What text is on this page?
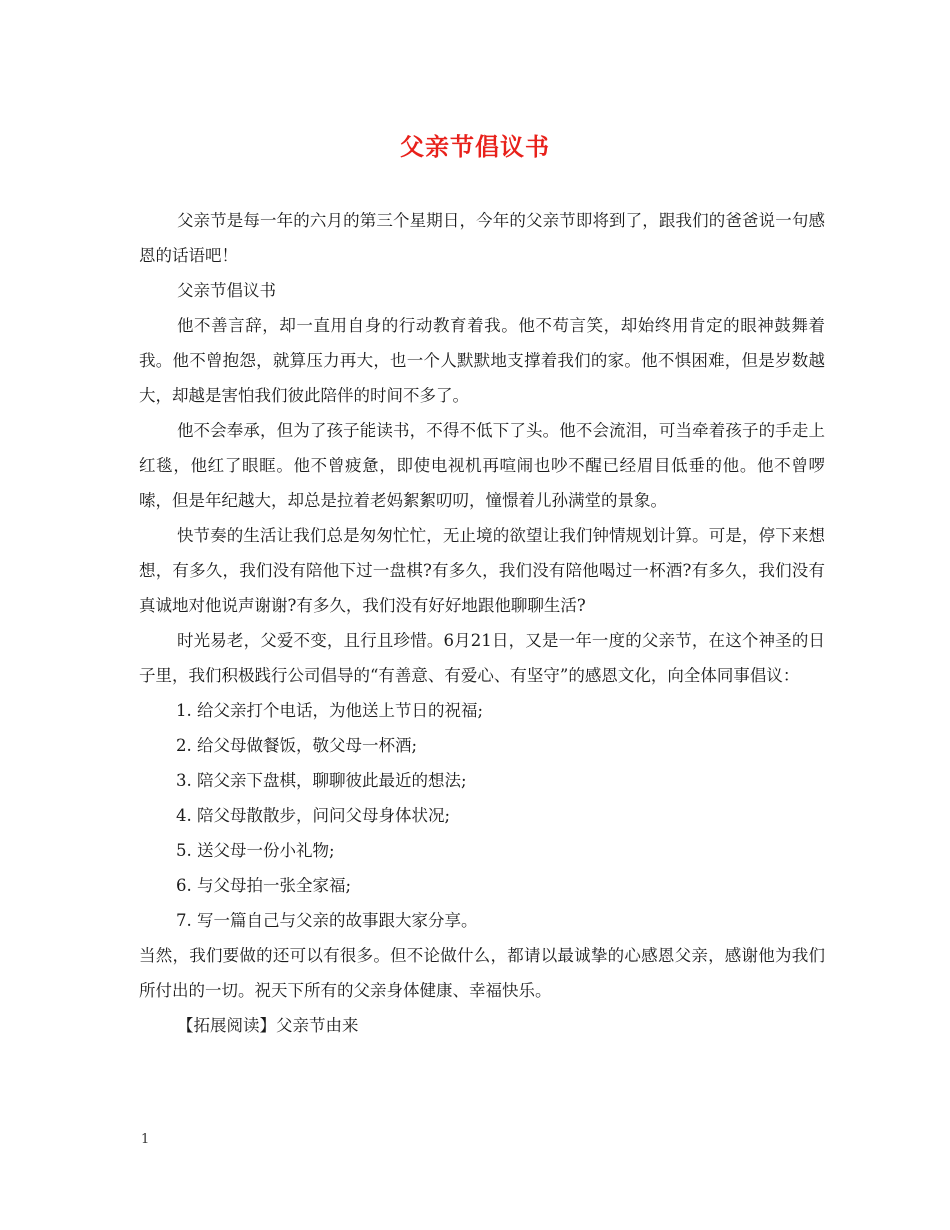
父亲节倡议书

父亲节是每一年的六月的第三个星期日，今年的父亲节即将到了，跟我们的爸爸说一句感恩的话语吧！

父亲节倡议书

他不善言辞，却一直用自身的行动教育着我。他不苟言笑，却始终用肯定的眼神鼓舞着我。他不曾抱怨，就算压力再大，也一个人默默地支撑着我们的家。他不惧困难，但是岁数越大，却越是害怕我们彼此陪伴的时间不多了。

他不会奉承，但为了孩子能读书，不得不低下了头。他不会流泪，可当牵着孩子的手走上红毯，他红了眼眶。他不曾疲惫，即使电视机再喧闹也吵不醒已经眉目低垂的他。他不曾啰嗦，但是年纪越大，却总是拉着老妈絮絮叨叨，憧憬着儿孙满堂的景象。

快节奏的生活让我们总是匆匆忙忙，无止境的欲望让我们钟情规划计算。可是，停下来想想，有多久，我们没有陪他下过一盘棋?有多久，我们没有陪他喝过一杯酒?有多久，我们没有真诚地对他说声谢谢?有多久，我们没有好好地跟他聊聊生活?

时光易老，父爱不变，且行且珍惜。6月21日，又是一年一度的父亲节，在这个神圣的日子里，我们积极践行公司倡导的“有善意、有爱心、有坚守”的感恩文化，向全体同事倡议：

1. 给父亲打个电话，为他送上节日的祝福;

2. 给父母做餐饭，敬父母一杯酒;

3. 陪父亲下盘棋，聊聊彼此最近的想法;

4. 陪父母散散步，问问父母身体状况;

5. 送父母一份小礼物;

6. 与父母拍一张全家福;

7. 写一篇自己与父亲的故事跟大家分享。

当然，我们要做的还可以有很多。但不论做什么，都请以最诚挚的心感恩父亲，感谢他为我们所付出的一切。祝天下所有的父亲身体健康、幸福快乐。

【拓展阅读】父亲节由来

1
